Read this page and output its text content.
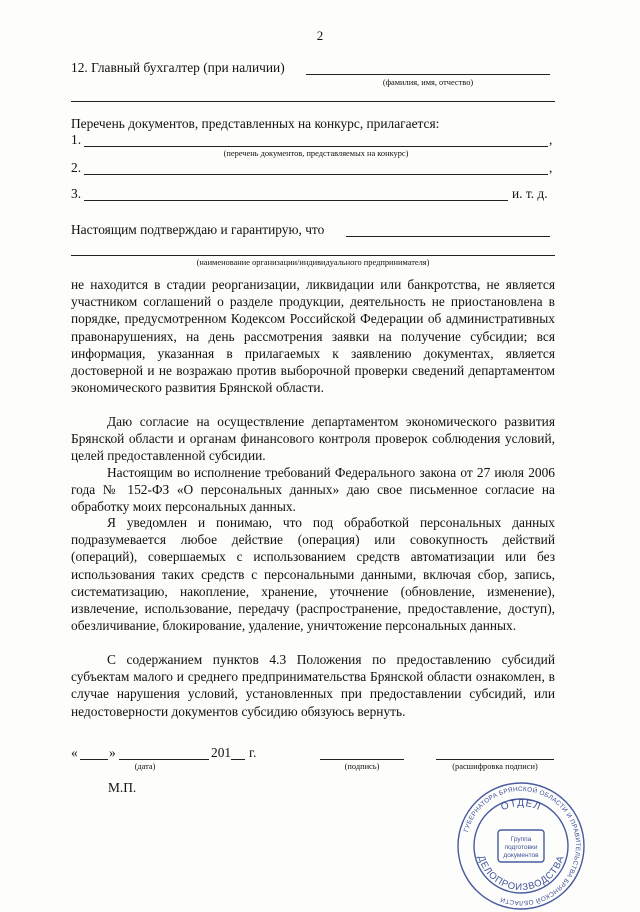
2
12. Главный бухгалтер (при наличии)
(фамилия, имя, отчество)
Перечень документов, представленных на конкурс, прилагается:
1.	,
(перечень документов, представляемых на конкурс)
2.	,
3.	и. т. д.
Настоящим подтверждаю и гарантирую, что
(наименование организации/индивидуального предпринимателя)
не находится в стадии реорганизации, ликвидации или банкротства, не является участником соглашений о разделе продукции, деятельность не приостановлена в порядке, предусмотренном Кодексом Российской Федерации об административных правонарушениях, на день рассмотрения заявки на получение субсидии; вся информация, указанная в прилагаемых к заявлению документах, является достоверной и не возражаю против выборочной проверки сведений департаментом экономического развития Брянской области.
Даю согласие на осуществление департаментом экономического развития Брянской области и органам финансового контроля проверок соблюдения условий, целей предоставленной субсидии.
Настоящим во исполнение требований Федерального закона от 27 июля 2006 года № 152-ФЗ «О персональных данных» даю свое письменное согласие на обработку моих персональных данных.
Я уведомлен и понимаю, что под обработкой персональных данных подразумевается любое действие (операция) или совокупность действий (операций), совершаемых с использованием средств автоматизации или без использования таких средств с персональными данными, включая сбор, запись, систематизацию, накопление, хранение, уточнение (обновление, изменение), извлечение, использование, передачу (распространение, предоставление, доступ), обезличивание, блокирование, удаление, уничтожение персональных данных.
С содержанием пунктов 4.3 Положения по предоставлению субсидий субъектам малого и среднего предпринимательства Брянской области ознакомлен, в случае нарушения условий, установленных при предоставлении субсидий, или недостоверности документов субсидию обязуюсь вернуть.
« »	201 г.
(дата)	(подпись)	(расшифровка подписи)
М.П.
ГУБЕРНАТОРА БРЯНСКОЙ ОБЛАСТИ И ПРАВИТЕЛЬСТВА БРЯНСКОЙ ОБЛАСТИ
ОТДЕЛ
ДЕЛОПРОИЗВОДСТВА
Группа
подготовки
документов
